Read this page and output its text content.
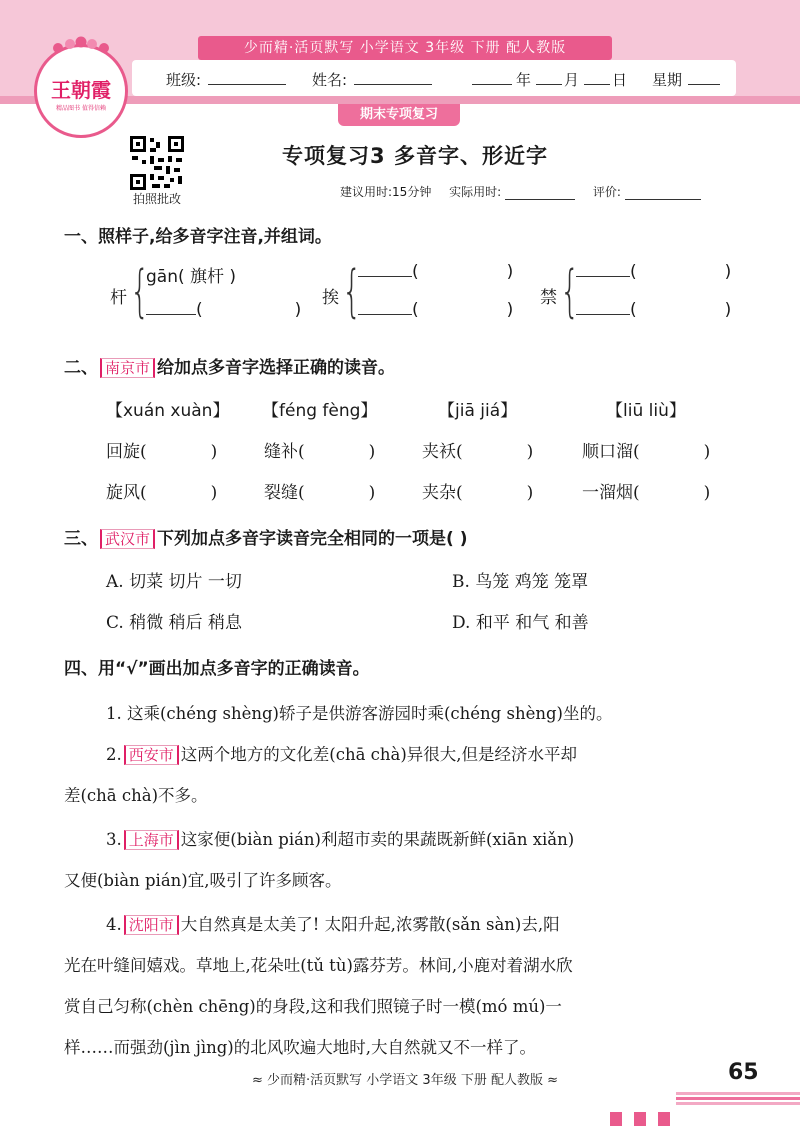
少而精·活页默写 小学语文 3年级 下册 配人教版
班级:	姓名:	年 月 日 星期
王朝霞
精品图书 值得信赖	期末专项复习
拍照批改
专项复习3 多音字、形近字
建议用时:15分钟 实际用时:	评价:
一、照样子,给多音字注音,并组词。
杆 {
gān( 旗杆 )
(	)
挨 {	(	)
(	)
禁 {	(	)
(	)
二、 南京市 给加点多音字选择正确的读音。
【xuán xuàn】 【féng fèng】	【jiā jiá】	【liū liù】
回旋(	)	缝补(	)	夹袄(	)	顺口溜(	)
旋风(	)	裂缝(	)	夹杂(	)	一溜烟(	)
三、 武汉市 下列加点多音字读音完全相同的一项是( )
A. 切菜 切片 一切	B. 鸟笼 鸡笼 笼罩
C. 稍微 稍后 稍息	D. 和平 和气 和善
四、用“√”画出加点多音字的正确读音。
1. 这乘(chéng shèng)轿子是供游客游园时乘(chéng shèng)坐的。
2. 西安市 这两个地方的文化差(chā chà)异很大,但是经济水平却
差(chā chà)不多。
3. 上海市 这家便(biàn pián)利超市卖的果蔬既新鲜(xiān xiǎn)
又便(biàn pián)宜,吸引了许多顾客。
4. 沈阳市 大自然真是太美了! 太阳升起,浓雾散(sǎn sàn)去,阳
光在叶缝间嬉戏。草地上,花朵吐(tǔ tù)露芬芳。林间,小鹿对着湖水欣
赏自己匀称(chèn chēng)的身段,这和我们照镜子时一模(mó mú)一
样……而强劲(jìn jìng)的北风吹遍大地时,大自然就又不一样了。
≈ 少而精·活页默写 小学语文 3年级 下册 配人教版 ≈	65
